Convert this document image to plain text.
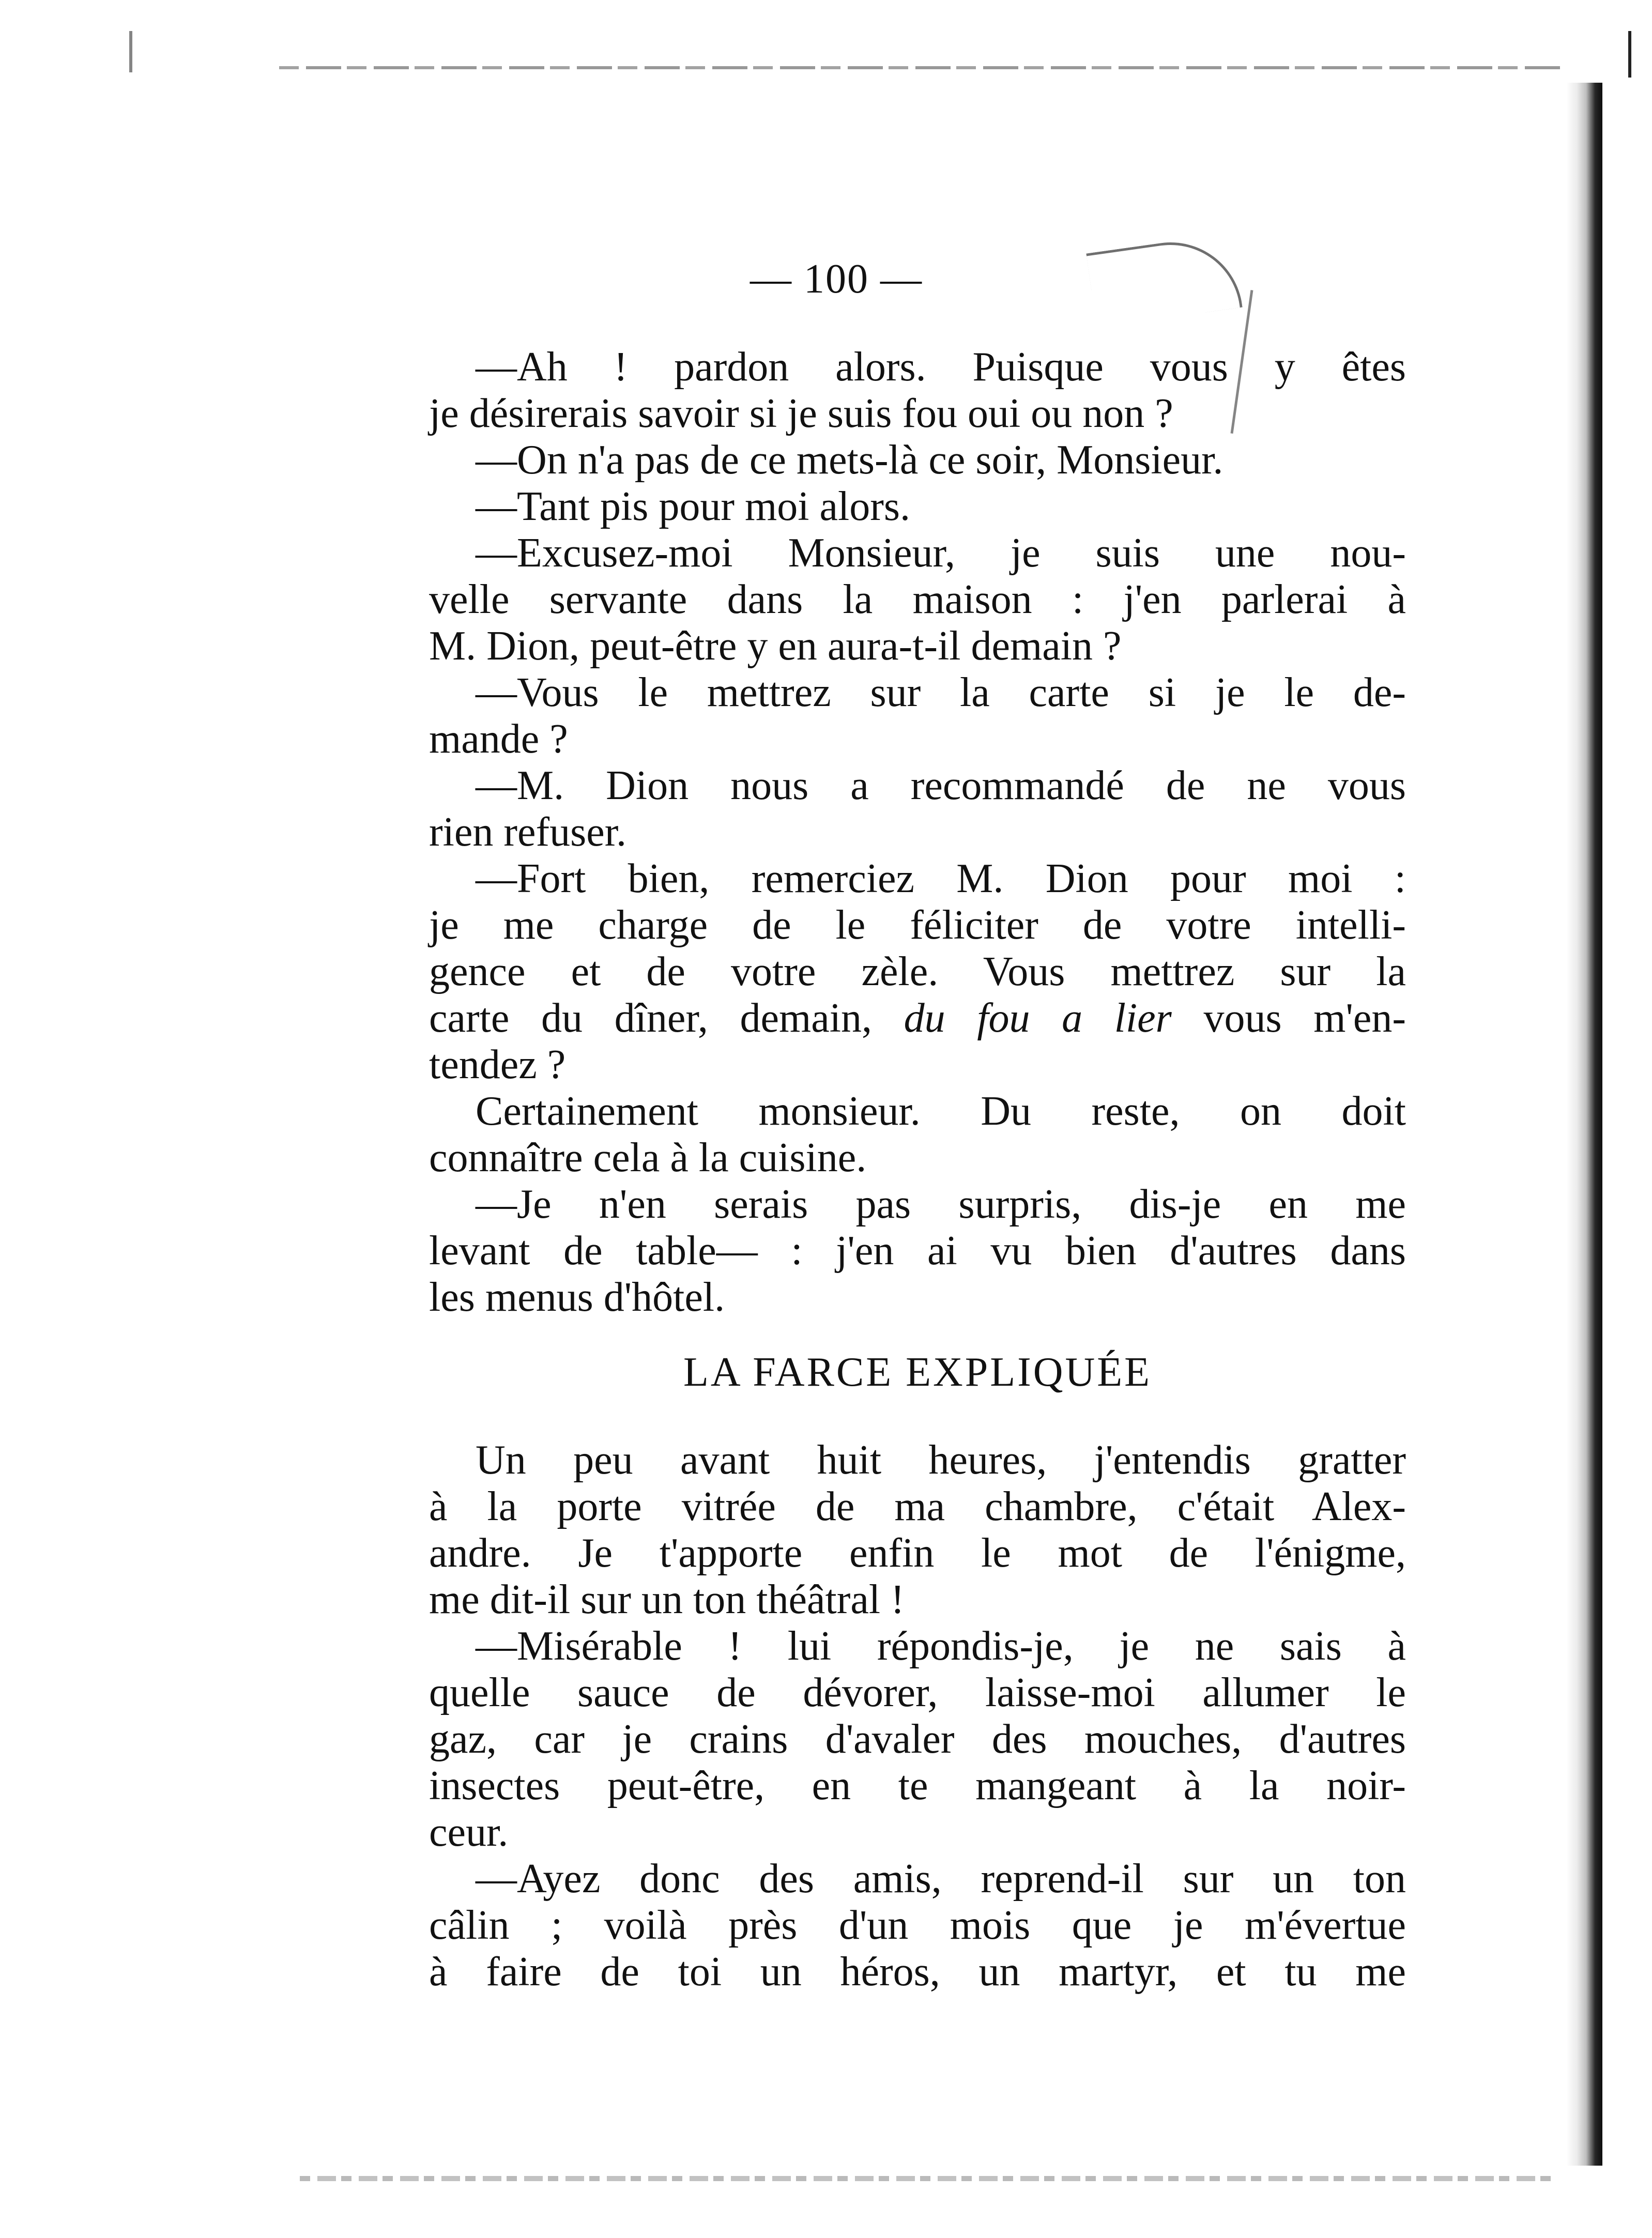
— 100 —
—Ah ! pardon alors. Puisque vous y êtes
je désirerais savoir si je suis fou oui ou non ?
—On n'a pas de ce mets-là ce soir, Monsieur.
—Tant pis pour moi alors.
—Excusez-moi Monsieur, je suis une nou-
velle servante dans la maison : j'en parlerai à
M. Dion, peut-être y en aura-t-il demain ?
—Vous le mettrez sur la carte si je le de-
mande ?
—M. Dion nous a recommandé de ne vous
rien refuser.
—Fort bien, remerciez M. Dion pour moi :
je me charge de le féliciter de votre intelli-
gence et de votre zèle. Vous mettrez sur la
carte du dîner, demain, du fou a lier vous m'en-
tendez ?
Certainement monsieur. Du reste, on doit
connaître cela à la cuisine.
—Je n'en serais pas surpris, dis-je en me
levant de table— : j'en ai vu bien d'autres dans
les menus d'hôtel.
LA FARCE EXPLIQUÉE
Un peu avant huit heures, j'entendis gratter
à la porte vitrée de ma chambre, c'était Alex-
andre. Je t'apporte enfin le mot de l'énigme,
me dit-il sur un ton théâtral !
—Misérable ! lui répondis-je, je ne sais à
quelle sauce de dévorer, laisse-moi allumer le
gaz, car je crains d'avaler des mouches, d'autres
insectes peut-être, en te mangeant à la noir-
ceur.
—Ayez donc des amis, reprend-il sur un ton
câlin ; voilà près d'un mois que je m'évertue
à faire de toi un héros, un martyr, et tu me
